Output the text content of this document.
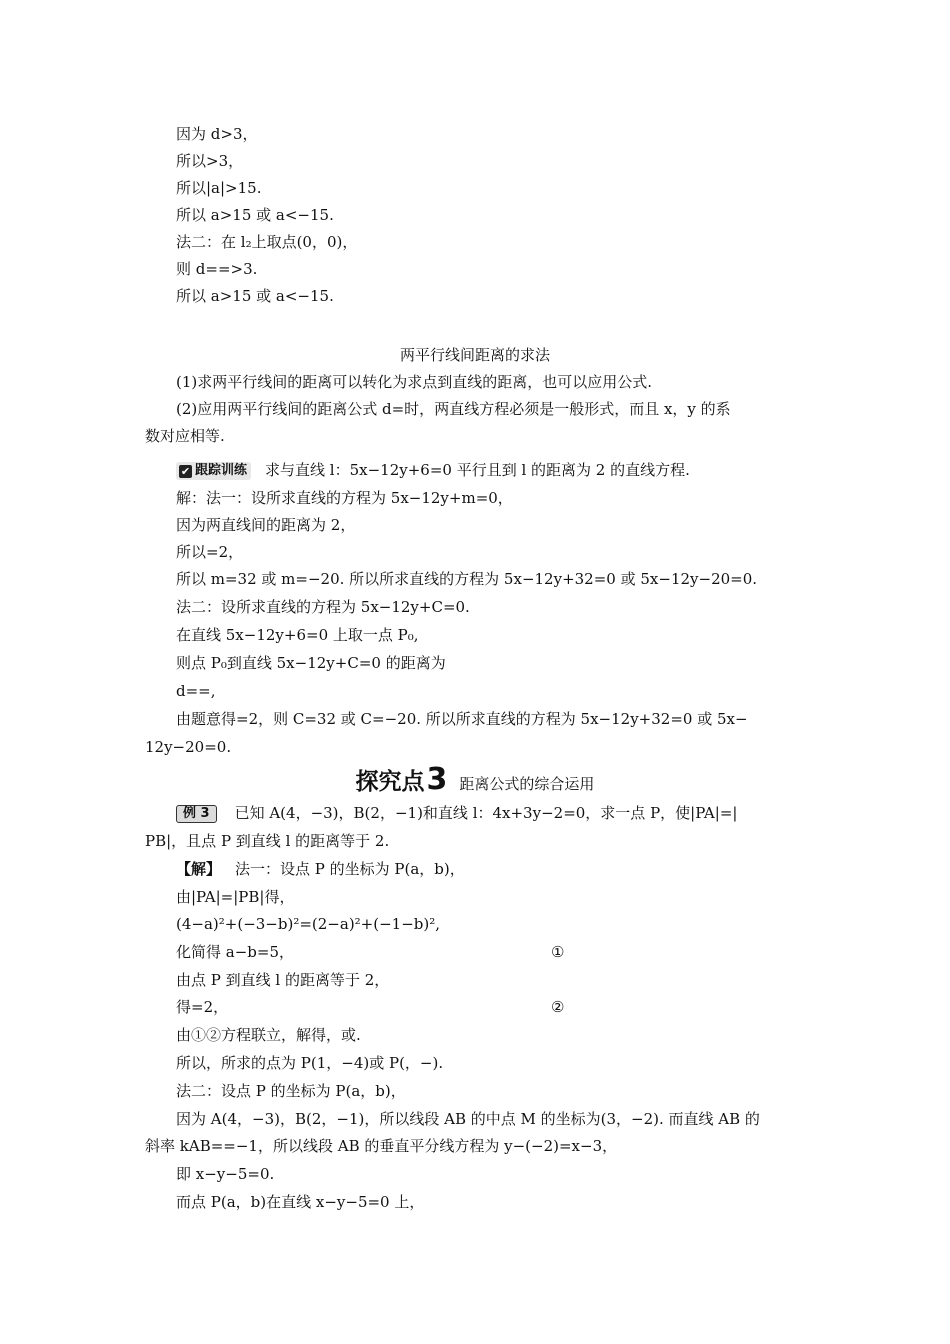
因为 d>3，
所以>3，
所以|a|>15.
所以 a>15 或 a<−15.
法二：在 l₂上取点(0，0)，
则 d==>3.
所以 a>15 或 a<−15.
两平行线间距离的求法
(1)求两平行线间的距离可以转化为求点到直线的距离，也可以应用公式.
(2)应用两平行线间的距离公式 d=时，两直线方程必须是一般形式，而且 x，y 的系
数对应相等.
✔ 跟踪训练 求与直线 l：5x−12y+6=0 平行且到 l 的距离为 2 的直线方程.
解：法一：设所求直线的方程为 5x−12y+m=0，
因为两直线间的距离为 2，
所以=2，
所以 m=32 或 m=−20. 所以所求直线的方程为 5x−12y+32=0 或 5x−12y−20=0.
法二：设所求直线的方程为 5x−12y+C=0.
在直线 5x−12y+6=0 上取一点 P₀,
则点 P₀到直线 5x−12y+C=0 的距离为
d==,
由题意得=2，则 C=32 或 C=−20. 所以所求直线的方程为 5x−12y+32=0 或 5x−
12y−20=0.
探究点3 距离公式的综合运用
例 3 已知 A(4，−3)，B(2，−1)和直线 l：4x+3y−2=0，求一点 P，使|PA|=|
PB|，且点 P 到直线 l 的距离等于 2.
【解】 法一：设点 P 的坐标为 P(a，b)，
由|PA|=|PB|得，
(4−a)²+(−3−b)²=(2−a)²+(−1−b)²,
化简得 a−b=5，	①
由点 P 到直线 l 的距离等于 2，
得=2，	②
由①②方程联立，解得，或.
所以，所求的点为 P(1，−4)或 P(，−).
法二：设点 P 的坐标为 P(a，b)，
因为 A(4，−3)，B(2，−1)，所以线段 AB 的中点 M 的坐标为(3，−2). 而直线 AB 的
斜率 kAB==−1，所以线段 AB 的垂直平分线方程为 y−(−2)=x−3，
即 x−y−5=0.
而点 P(a，b)在直线 x−y−5=0 上，
